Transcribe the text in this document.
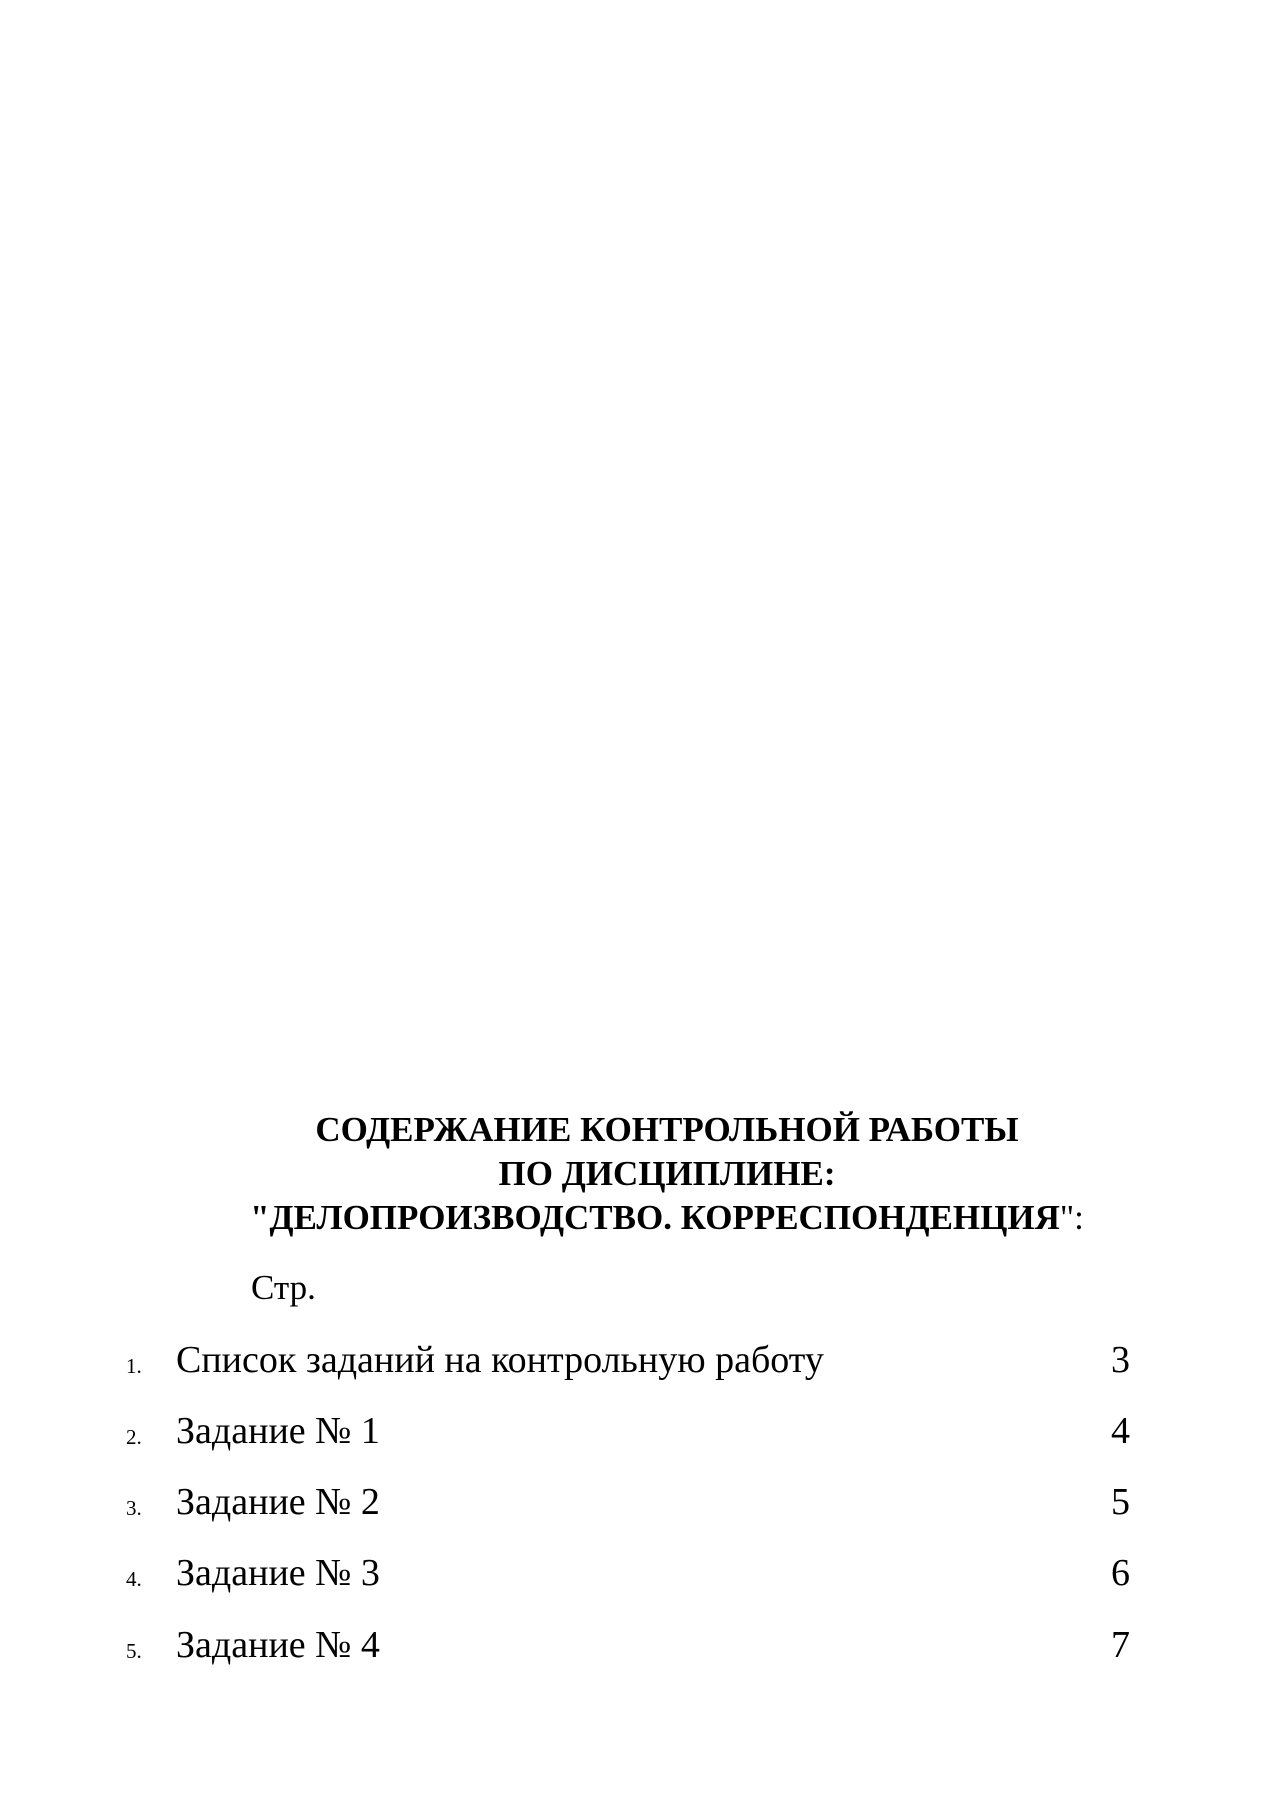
СОДЕРЖАНИЕ КОНТРОЛЬНОЙ РАБОТЫ
ПО ДИСЦИПЛИНЕ:
"ДЕЛОПРОИЗВОДСТВО. КОРРЕСПОНДЕНЦИЯ":
Стр.
1. Список заданий на контрольную работу	3
2. Задание № 1	4
3. Задание № 2	5
4. Задание № 3	6
5. Задание № 4	7
